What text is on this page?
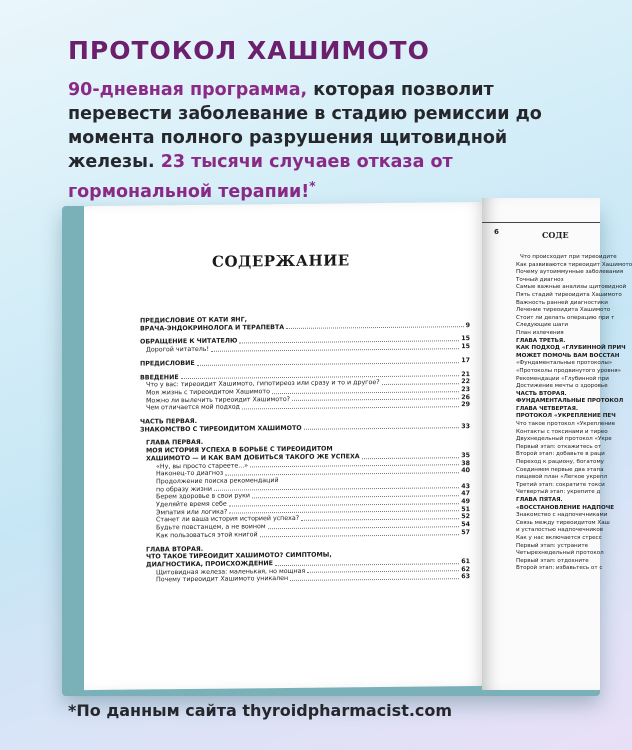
ПРОТОКОЛ ХАШИМОТО

90-дневная программа, которая позволит перевести заболевание в стадию ремиссии до момента полного разрушения щитовидной железы. 23 тысячи случаев отказа от гормональной терапии!*

СОДЕРЖАНИЕ
ПРЕДИСЛОВИЕ ОТ КАТИ ЯНГ,
ВРАЧА-ЭНДОКРИНОЛОГА И ТЕРАПЕВТА	9
ОБРАЩЕНИЕ К ЧИТАТЕЛЮ	15
Дорогой читатель!	15
ПРЕДИСЛОВИЕ	17
ВВЕДЕНИЕ	21
Что у вас: тиреоидит Хашимото, гипотиреоз или сразу и то и другое?	22
Моя жизнь с тиреоидитом Хашимото	23
Можно ли вылечить тиреоидит Хашимото?	26
Чем отличается мой подход	29
ЧАСТЬ ПЕРВАЯ.
ЗНАКОМСТВО С ТИРЕОИДИТОМ ХАШИМОТО	33
ГЛАВА ПЕРВАЯ.
МОЯ ИСТОРИЯ УСПЕХА В БОРЬБЕ С ТИРЕОИДИТОМ
ХАШИМОТО — И КАК ВАМ ДОБИТЬСЯ ТАКОГО ЖЕ УСПЕХА	35
«Ну, вы просто стареете...»	38
Наконец-то диагноз	40
Продолжение поиска рекомендаций
по образу жизни	43
Берем здоровье в свои руки	47
Уделяйте время себе	49
Эмпатия или логика?	51
Станет ли ваша история историей успеха?	52
Будьте повстанцем, а не воином	54
Как пользоваться этой книгой	57
ГЛАВА ВТОРАЯ.
ЧТО ТАКОЕ ТИРЕОИДИТ ХАШИМОТО? СИМПТОМЫ,
ДИАГНОСТИКА, ПРОИСХОЖДЕНИЕ	61
Щитовидная железа: маленькая, но мощная	62
Почему тиреоидит Хашимото уникален	63
6	СОДЕ
Что происходит при тиреоидите
Как развиваются тиреоидит Хашимото
Почему аутоиммунные заболевания
Точный диагноз
Самые важные анализы щитовидной
Пять стадий тиреоидита Хашимото
Важность ранней диагностики
Лечение тиреоидита Хашимото
Стоит ли делать операцию при т
Следующие шаги
План излечения
ГЛАВА ТРЕТЬЯ.
КАК ПОДХОД «ГЛУБИННОЙ ПРИЧ
МОЖЕТ ПОМОЧЬ ВАМ ВОССТАН
«Фундаментальные протоколы»
«Протоколы продвинутого уровня»
Рекомендации «Глубинной при
Достижение мечты о здоровье
ЧАСТЬ ВТОРАЯ.
ФУНДАМЕНТАЛЬНЫЕ ПРОТОКОЛ
ГЛАВА ЧЕТВЕРТАЯ.
ПРОТОКОЛ «УКРЕПЛЕНИЕ ПЕЧ
Что такое протокол «Укрепление
Контакты с токсинами и тирео
Двухнедельный протокол «Укре
Первый этап: откажитесь от
Второй этап: добавьте в раци
Переход к рациону, богатому
Соединяем первые два этапа
пищевой план «Легкое укрепл
Третий этап: сократите токси
Четвертый этап: укрепите д
ГЛАВА ПЯТАЯ.
«ВОССТАНОВЛЕНИЕ НАДПОЧЕ
Знакомство с надпочечниками
Связь между тиреоидитом Хаш
и усталостью надпочечников
Как у нас включается стресс
Первый этап: устраните
Четырехнедельный протокол
Первый этап: отдохните
Второй этап: избавьтесь от с

*По данным сайта thyroidpharmacist.com
